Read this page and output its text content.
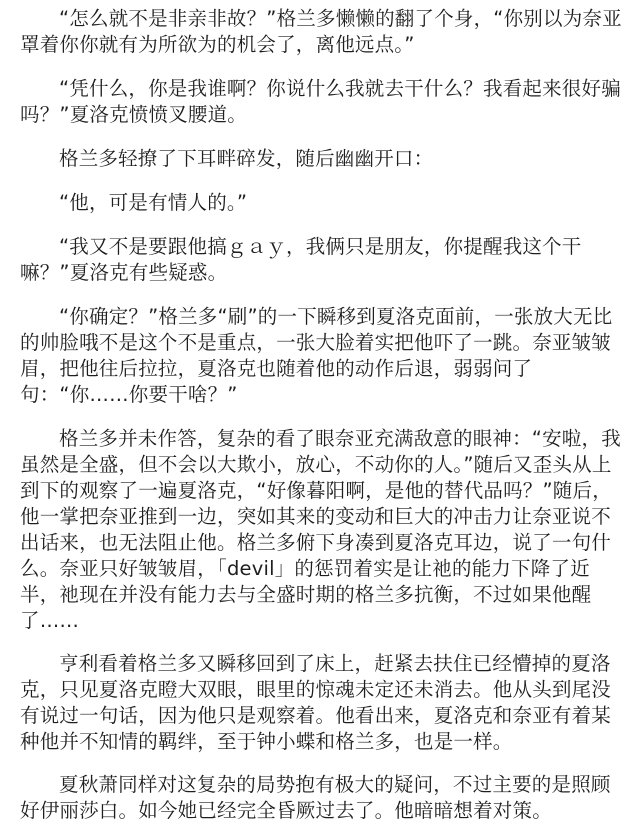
“怎么就不是非亲非故？”格兰多懒懒的翻了个身，“你别以为奈亚罩着你你就有为所欲为的机会了，离他远点。”

“凭什么，你是我谁啊？你说什么我就去干什么？我看起来很好骗吗？”夏洛克愤愤叉腰道。

格兰多轻撩了下耳畔碎发，随后幽幽开口：

“他，可是有情人的。”

“我又不是要跟他搞ｇａｙ，我俩只是朋友，你提醒我这个干嘛？”夏洛克有些疑惑。

“你确定？”格兰多“刷”的一下瞬移到夏洛克面前，一张放大无比的帅脸哦不是这个不是重点，一张大脸着实把他吓了一跳。奈亚皱皱眉，把他往后拉拉，夏洛克也随着他的动作后退，弱弱问了句：“你……你要干啥？”

格兰多并未作答，复杂的看了眼奈亚充满敌意的眼神：“安啦，我虽然是全盛，但不会以大欺小，放心，不动你的人。”随后又歪头从上到下的观察了一遍夏洛克，“好像暮阳啊，是他的替代品吗？”随后，他一掌把奈亚推到一边，突如其来的变动和巨大的冲击力让奈亚说不出话来，也无法阻止他。格兰多俯下身凑到夏洛克耳边，说了一句什么。奈亚只好皱皱眉，「devil」的惩罚着实是让祂的能力下降了近半，祂现在并没有能力去与全盛时期的格兰多抗衡，不过如果他醒了……

亨利看着格兰多又瞬移回到了床上，赶紧去扶住已经懵掉的夏洛克，只见夏洛克瞪大双眼，眼里的惊魂未定还未消去。他从头到尾没有说过一句话，因为他只是观察着。他看出来，夏洛克和奈亚有着某种他并不知情的羁绊，至于钟小蝶和格兰多，也是一样。

夏秋萧同样对这复杂的局势抱有极大的疑问，不过主要的是照顾好伊丽莎白。如今她已经完全昏厥过去了。他暗暗想着对策。
